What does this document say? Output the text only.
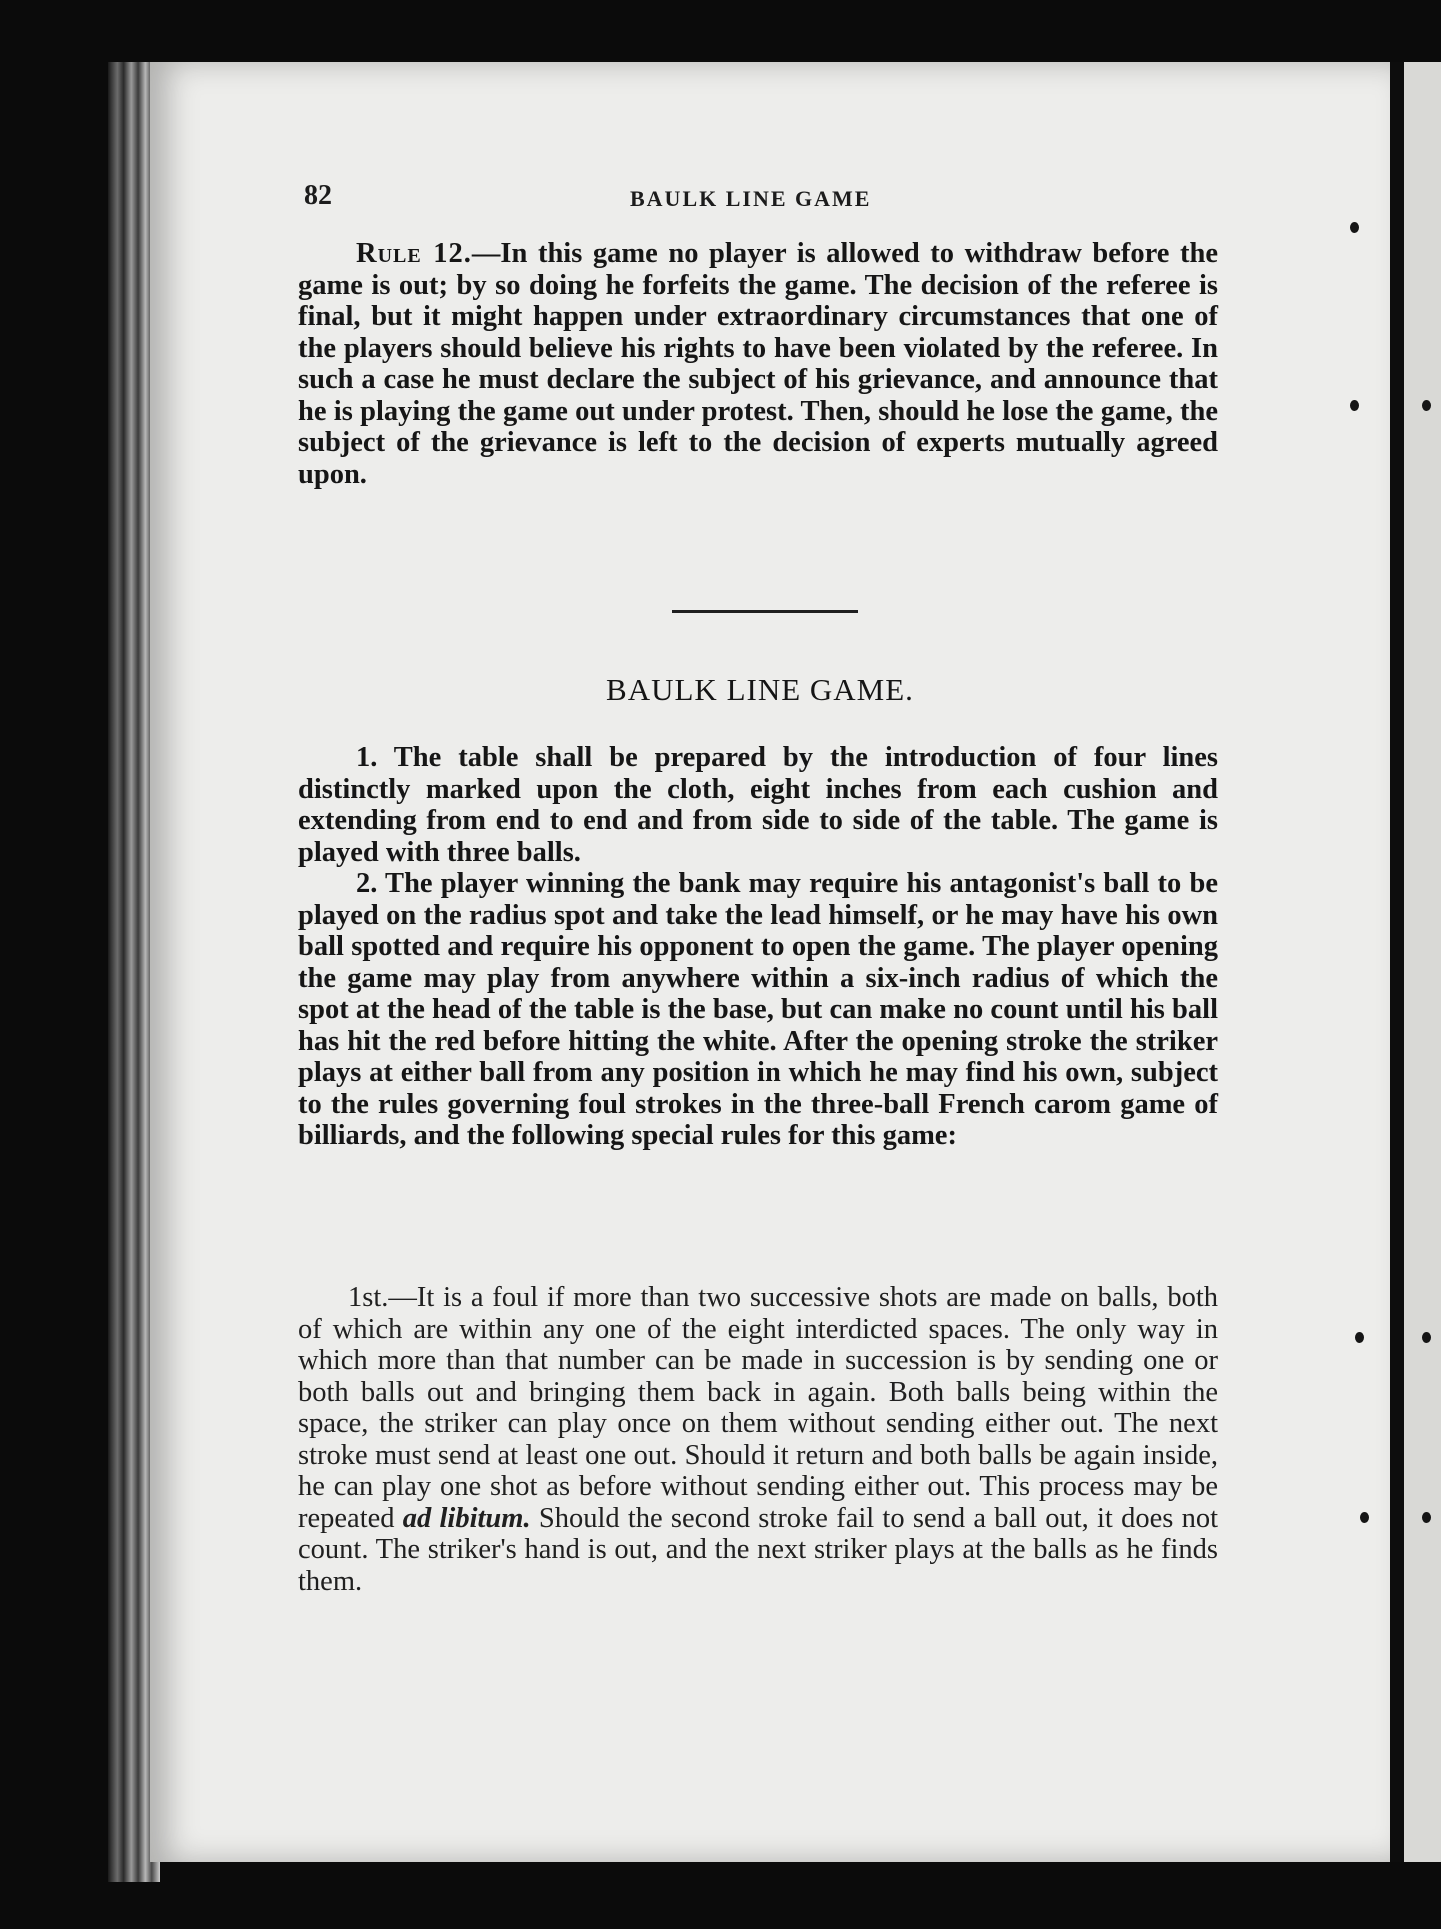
82	BAULK LINE GAME

Rule 12.—In this game no player is allowed to withdraw before the game is out; by so doing he forfeits the game. The decision of the referee is final, but it might happen under extraordinary circumstances that one of the players should believe his rights to have been violated by the referee. In such a case he must declare the subject of his grievance, and announce that he is playing the game out under protest. Then, should he lose the game, the subject of the grievance is left to the decision of experts mutually agreed upon.

BAULK LINE GAME.

1. The table shall be prepared by the introduction of four lines distinctly marked upon the cloth, eight inches from each cushion and extending from end to end and from side to side of the table. The game is played with three balls.

2. The player winning the bank may require his antagonist's ball to be played on the radius spot and take the lead himself, or he may have his own ball spotted and require his opponent to open the game. The player opening the game may play from anywhere within a six-inch radius of which the spot at the head of the table is the base, but can make no count until his ball has hit the red before hitting the white. After the opening stroke the striker plays at either ball from any position in which he may find his own, subject to the rules governing foul strokes in the three-ball French carom game of billiards, and the following special rules for this game:

1st.—It is a foul if more than two successive shots are made on balls, both of which are within any one of the eight interdicted spaces. The only way in which more than that number can be made in succession is by sending one or both balls out and bringing them back in again. Both balls being within the space, the striker can play once on them without sending either out. The next stroke must send at least one out. Should it return and both balls be again inside, he can play one shot as before without sending either out. This process may be repeated ad libitum. Should the second stroke fail to send a ball out, it does not count. The striker's hand is out, and the next striker plays at the balls as he finds them.
